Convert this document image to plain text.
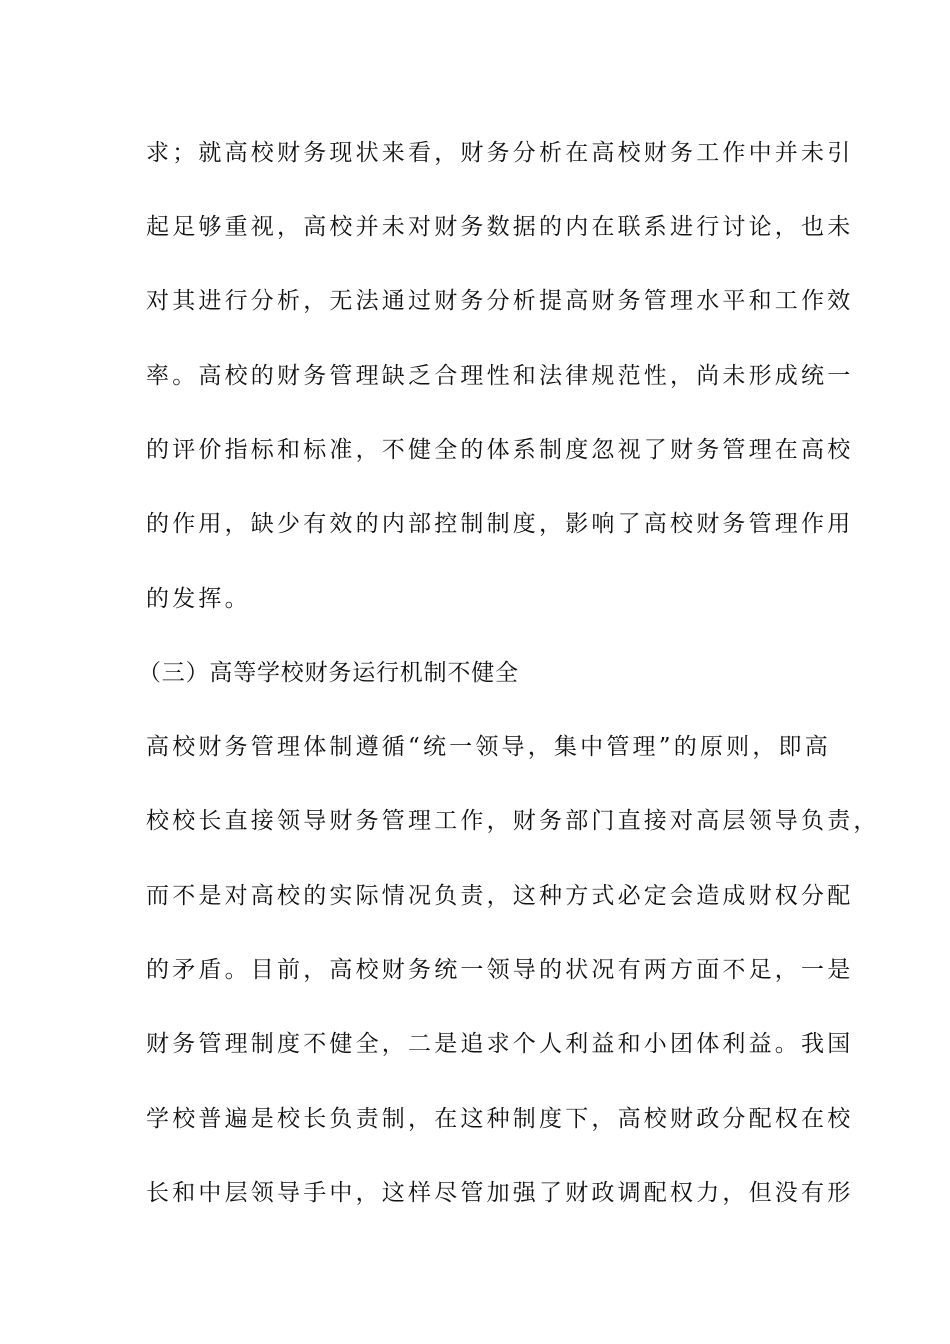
求；就高校财务现状来看，财务分析在高校财务工作中并未引
起足够重视，高校并未对财务数据的内在联系进行讨论，也未
对其进行分析，无法通过财务分析提高财务管理水平和工作效
率。高校的财务管理缺乏合理性和法律规范性，尚未形成统一
的评价指标和标准，不健全的体系制度忽视了财务管理在高校
的作用，缺少有效的内部控制制度，影响了高校财务管理作用
的发挥。
（三）高等学校财务运行机制不健全
高校财务管理体制遵循“统一领导，集中管理”的原则，即高
校校长直接领导财务管理工作，财务部门直接对高层领导负责，
而不是对高校的实际情况负责，这种方式必定会造成财权分配
的矛盾。目前，高校财务统一领导的状况有两方面不足，一是
财务管理制度不健全，二是追求个人利益和小团体利益。我国
学校普遍是校长负责制，在这种制度下，高校财政分配权在校
长和中层领导手中，这样尽管加强了财政调配权力，但没有形
